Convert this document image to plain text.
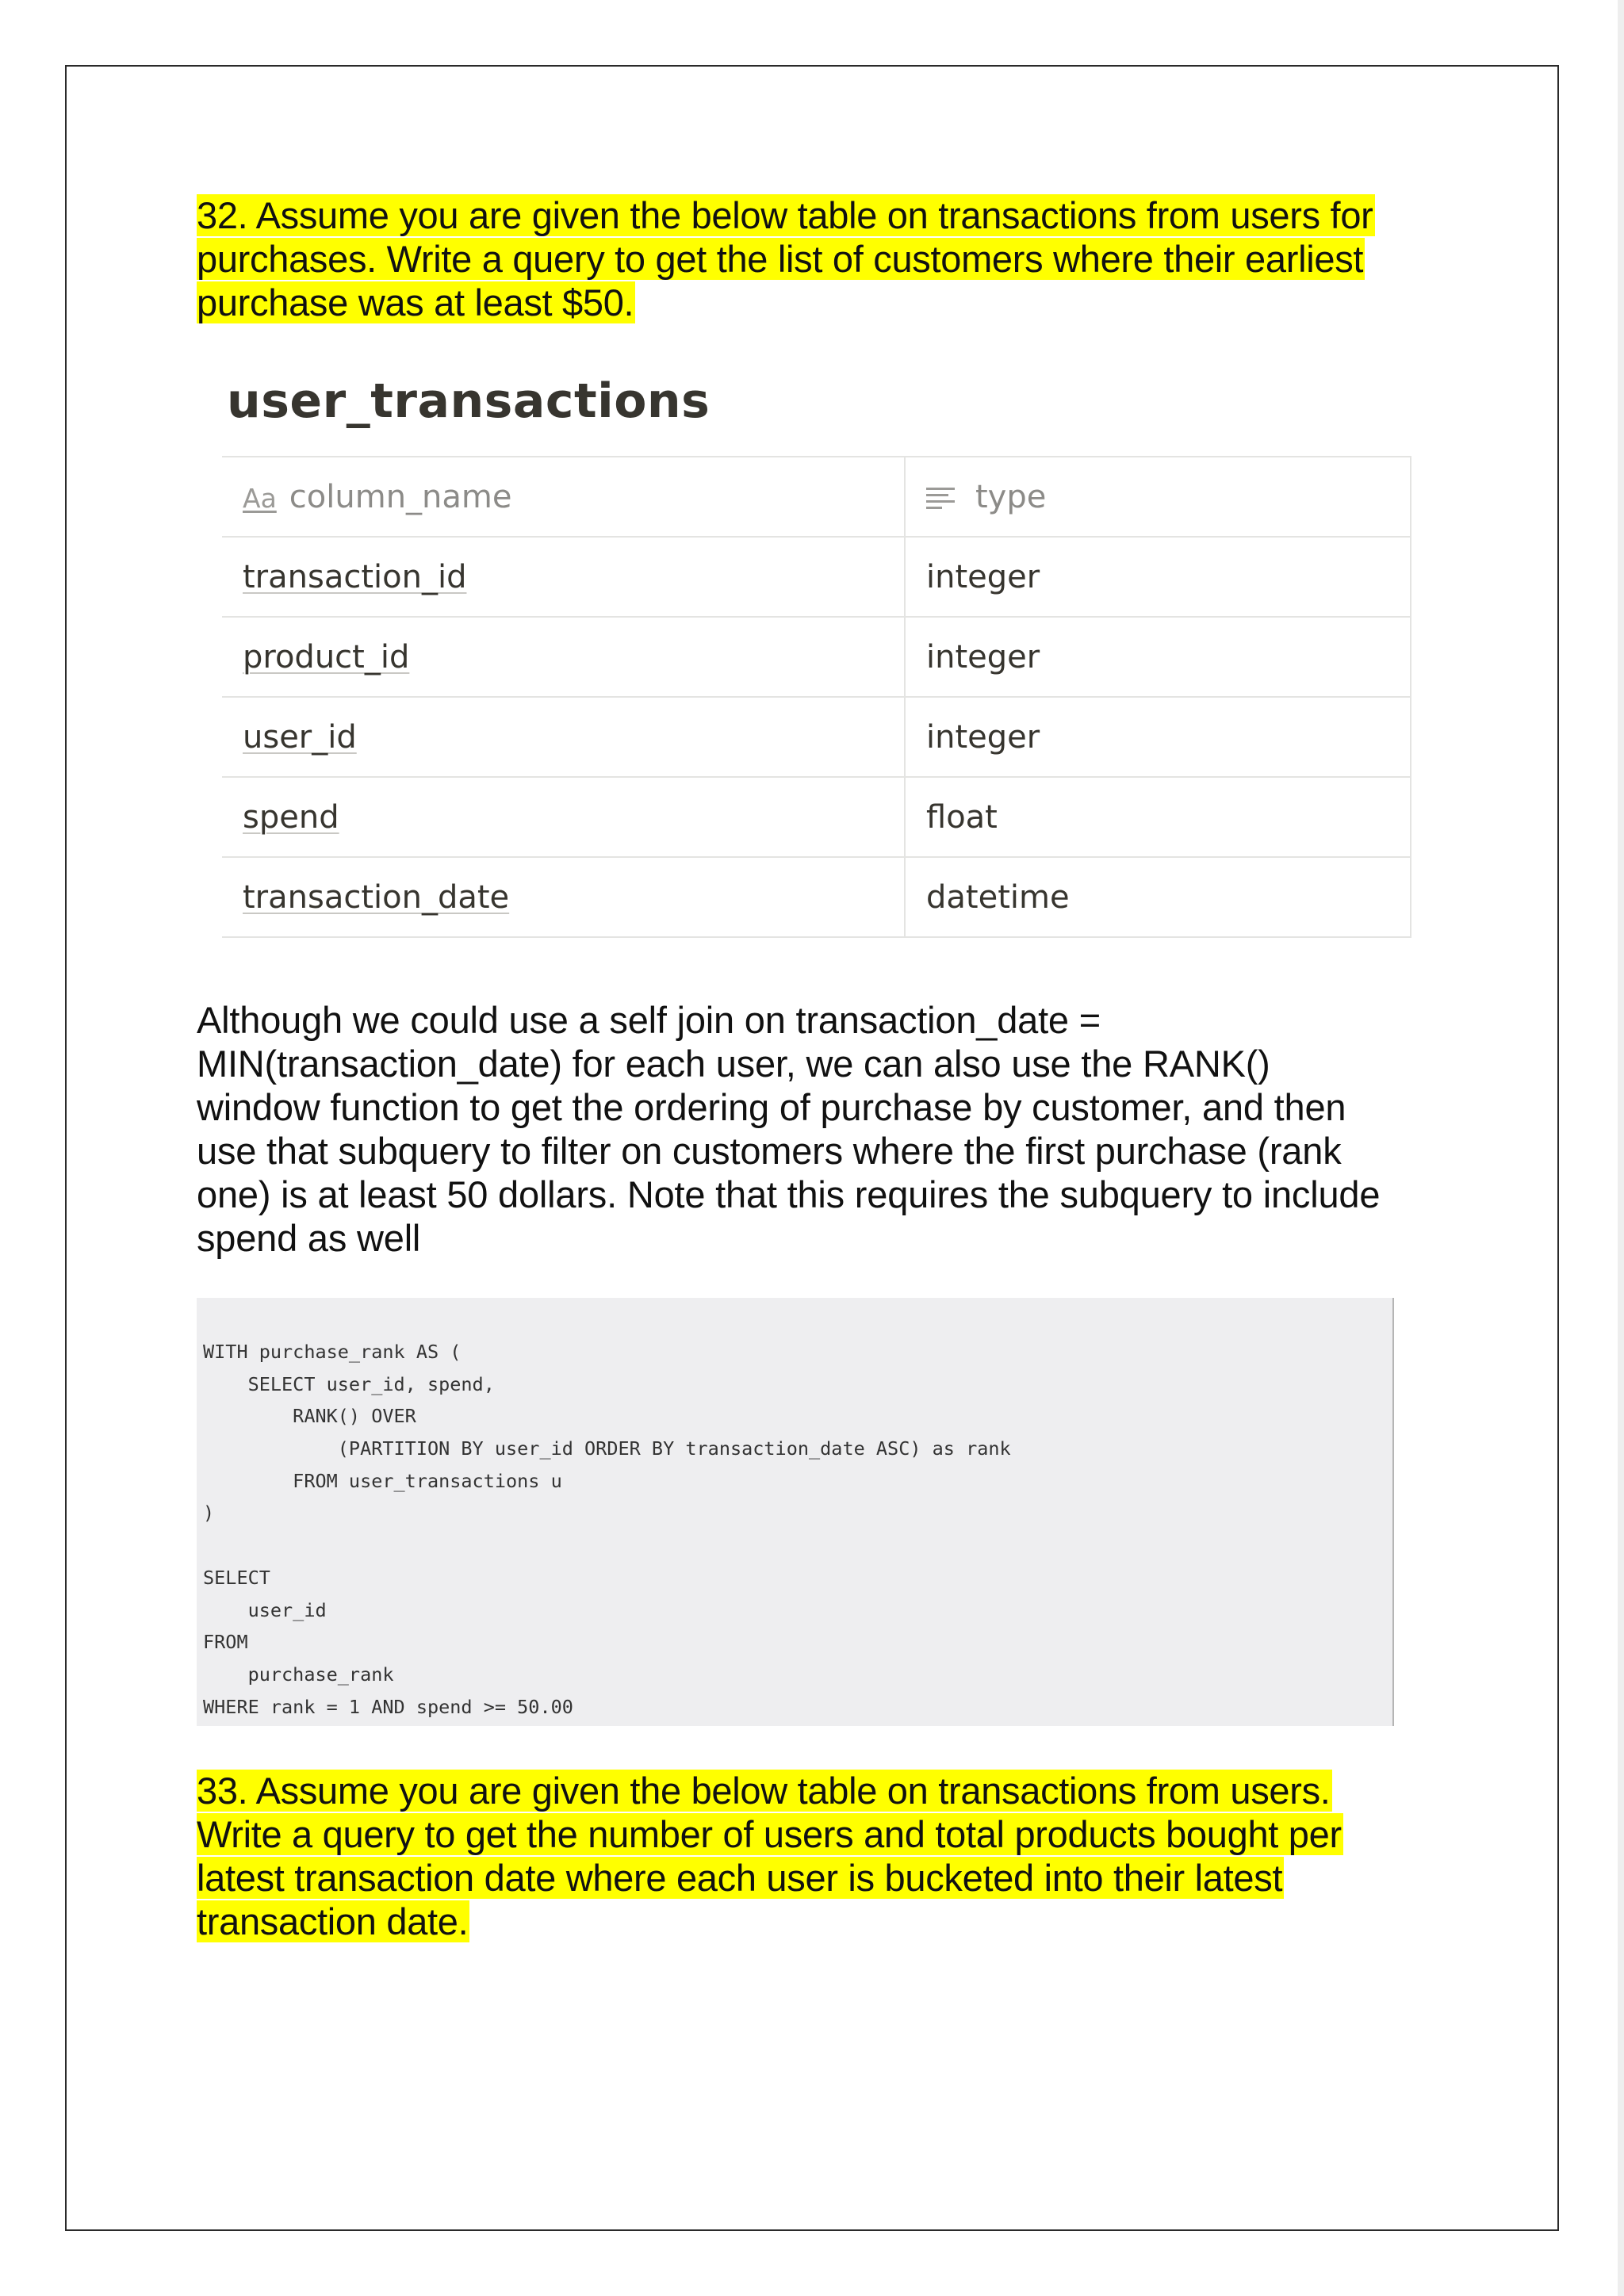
32. Assume you are given the below table on transactions from users for
purchases. Write a query to get the list of customers where their earliest
purchase was at least $50.
user_transactions
Aa column_name	type
transaction_id	integer
product_id	integer
user_id	integer
spend	float
transaction_date	datetime

Although we could use a self join on transaction_date =

MIN(transaction_date) for each user, we can also use the RANK()

window function to get the ordering of purchase by customer, and then

use that subquery to filter on customers where the first purchase (rank

one) is at least 50 dollars. Note that this requires the subquery to include

spend as well

WITH purchase_rank AS (
SELECT user_id, spend,
RANK() OVER
(PARTITION BY user_id ORDER BY transaction_date ASC) as rank
FROM user_transactions u
)
SELECT
user_id
FROM
purchase_rank
WHERE rank = 1 AND spend >= 50.00
33. Assume you are given the below table on transactions from users.
Write a query to get the number of users and total products bought per
latest transaction date where each user is bucketed into their latest
transaction date.
